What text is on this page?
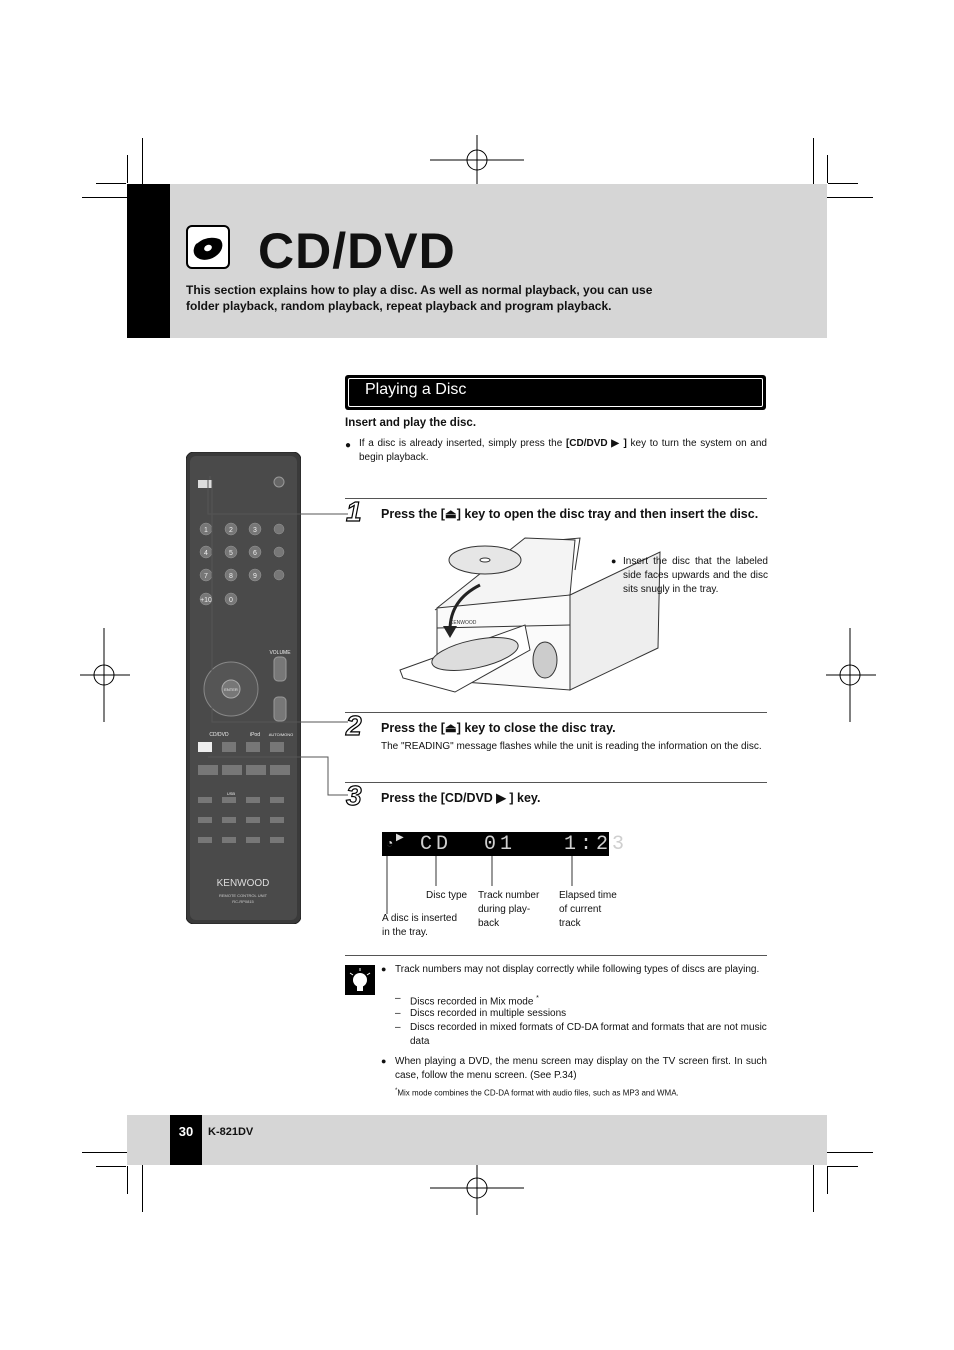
CD/DVD
This section explains how to play a disc. As well as normal playback, you can use folder playback, random playback, repeat playback and program playback.
Playing a Disc
Insert and play the disc.
● If a disc is already inserted, simply press the [CD/DVD ▶ ] key to turn the system on and begin playback.
1 Press the [⏏] key to open the disc tray and then insert the disc.
KENWOOD
● Insert the disc that the labeled side faces upwards and the disc sits snugly in the tray.
2 Press the [⏏] key to close the disc tray.
The "READING" message flashes while the unit is reading the information on the disc.
3 Press the [CD/DVD ▶ ] key.
◔ ▶ CD  01   1:23
Disc type Track number during play-back
Elapsed time of current track
A disc is inserted in the tray.
● Track numbers may not display correctly while following types of discs are playing.
– Discs recorded in Mix mode *
– Discs recorded in multiple sessions
– Discs recorded in mixed formats of CD-DA format and formats that are not music data
● When playing a DVD, the menu screen may display on the TV screen first. In such case, follow the menu screen. (See P.34)
*Mix mode combines the CD-DA format with audio files, such as MP3 and WMA.
1	2	3
4	5	6
7	8	9
+10 0
ENTER
VOLUME
KENWOOD
REMOTE CONTROL UNIT
RC-RP0815
CD/DVD	iPod AUTO/MONO
USB
30	K-821DV
